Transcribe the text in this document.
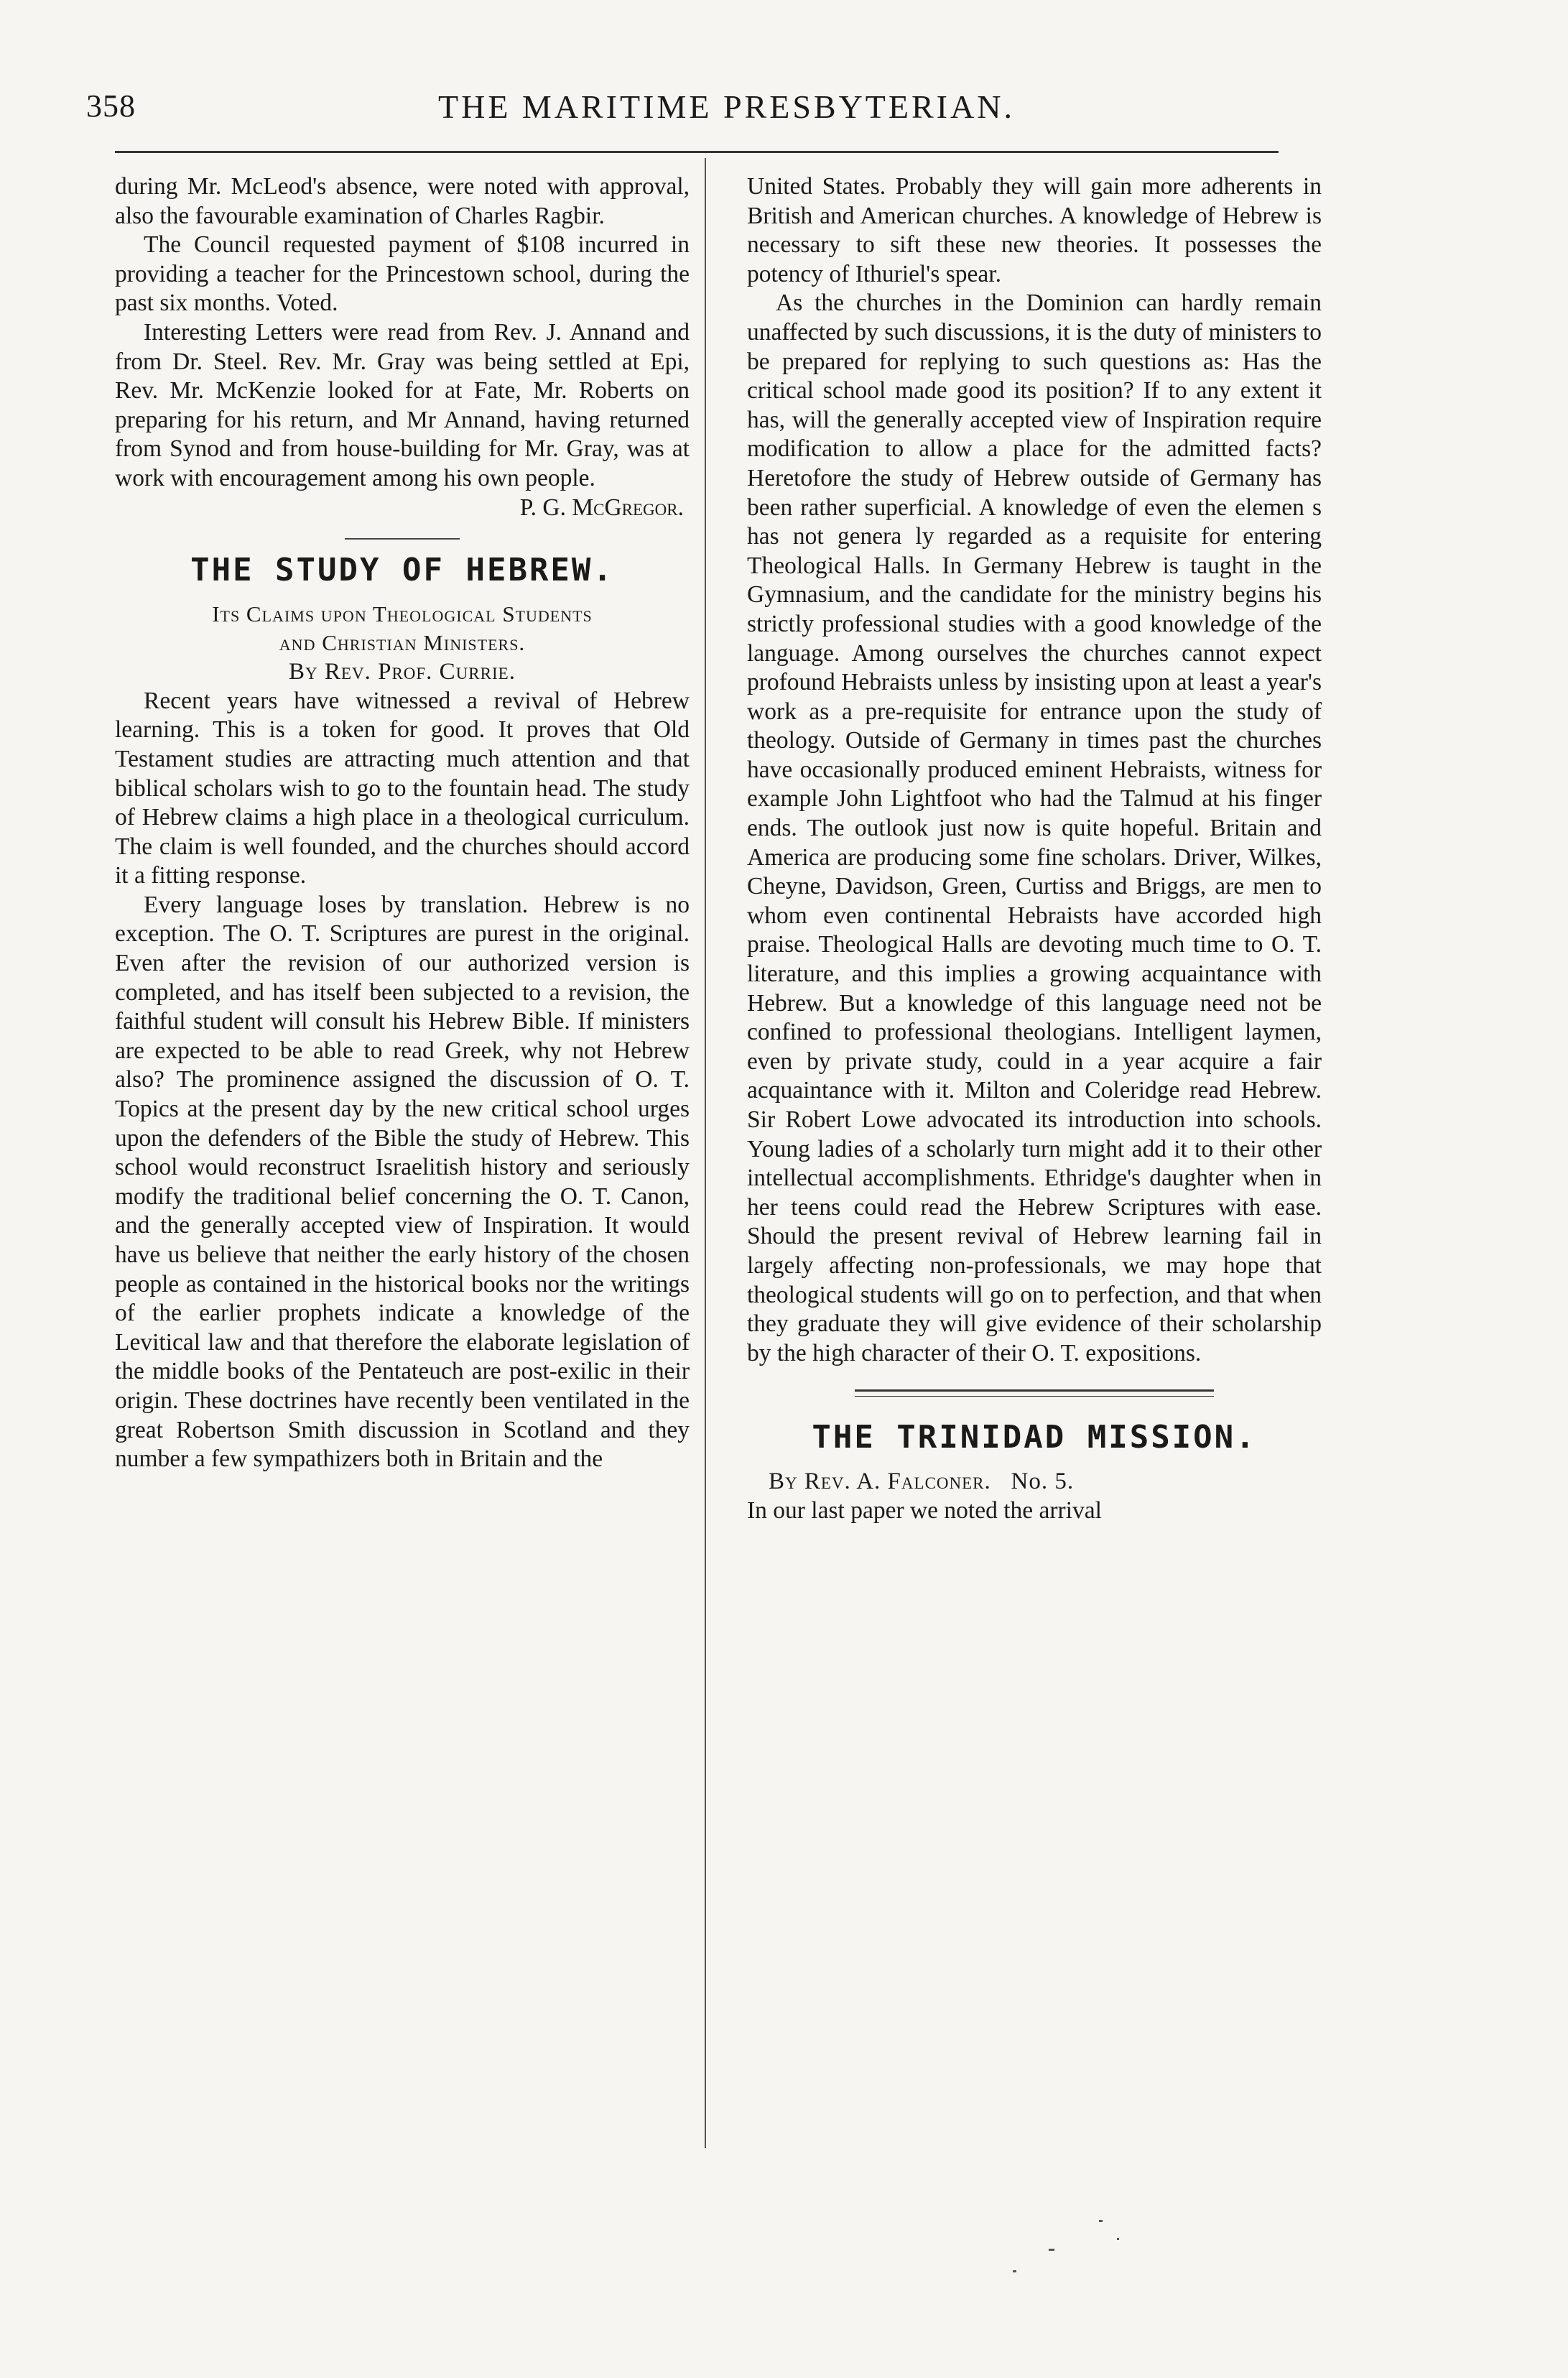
358	THE MARITIME PRESBYTERIAN.

during Mr. McLeod's absence, were noted with approval, also the favourable examination of Charles Ragbir.

The Council requested payment of $108 incurred in providing a teacher for the Princestown school, during the past six months. Voted.

Interesting Letters were read from Rev. J. Annand and from Dr. Steel. Rev. Mr. Gray was being settled at Epi, Rev. Mr. McKenzie looked for at Fate, Mr. Roberts on preparing for his return, and Mr Annand, having returned from Synod and from house-building for Mr. Gray, was at work with encouragement among his own people.

P. G. McGregor.

THE STUDY OF HEBREW.

Its Claims upon Theological Students

and Christian Ministers.

By Rev. Prof. Currie.

Recent years have witnessed a revival of Hebrew learning. This is a token for good. It proves that Old Testament studies are attracting much attention and that biblical scholars wish to go to the fountain head. The study of Hebrew claims a high place in a theological curriculum. The claim is well founded, and the churches should accord it a fitting response.

Every language loses by translation. Hebrew is no exception. The O. T. Scriptures are purest in the original. Even after the revision of our authorized version is completed, and has itself been subjected to a revision, the faithful student will consult his Hebrew Bible. If ministers are expected to be able to read Greek, why not Hebrew also? The prominence assigned the discussion of O. T. Topics at the present day by the new critical school urges upon the defenders of the Bible the study of Hebrew. This school would reconstruct Israelitish history and seriously modify the traditional belief concerning the O. T. Canon, and the generally accepted view of Inspiration. It would have us believe that neither the early history of the chosen people as contained in the historical books nor the writings of the earlier prophets indicate a knowledge of the Levitical law and that therefore the elaborate legislation of the middle books of the Pentateuch are post-exilic in their origin. These doctrines have recently been ventilated in the great Robertson Smith discussion in Scotland and they number a few sympathizers both in Britain and the

United States. Probably they will gain more adherents in British and American churches. A knowledge of Hebrew is necessary to sift these new theories. It possesses the potency of Ithuriel's spear.

As the churches in the Dominion can hardly remain unaffected by such discussions, it is the duty of ministers to be prepared for replying to such questions as: Has the critical school made good its position? If to any extent it has, will the generally accepted view of Inspiration require modification to allow a place for the admitted facts? Heretofore the study of Hebrew outside of Germany has been rather superficial. A knowledge of even the elemen s has not genera ly regarded as a requisite for entering Theological Halls. In Germany Hebrew is taught in the Gymnasium, and the candidate for the ministry begins his strictly professional studies with a good knowledge of the language. Among ourselves the churches cannot expect profound Hebraists unless by insisting upon at least a year's work as a pre-requisite for entrance upon the study of theology. Outside of Germany in times past the churches have occasionally produced eminent Hebraists, witness for example John Lightfoot who had the Talmud at his finger ends. The outlook just now is quite hopeful. Britain and America are producing some fine scholars. Driver, Wilkes, Cheyne, Davidson, Green, Curtiss and Briggs, are men to whom even continental Hebraists have accorded high praise. Theological Halls are devoting much time to O. T. literature, and this implies a growing acquaintance with Hebrew. But a knowledge of this language need not be confined to professional theologians. Intelligent laymen, even by private study, could in a year acquire a fair acquaintance with it. Milton and Coleridge read Hebrew. Sir Robert Lowe advocated its introduction into schools. Young ladies of a scholarly turn might add it to their other intellectual accomplishments. Ethridge's daughter when in her teens could read the Hebrew Scriptures with ease. Should the present revival of Hebrew learning fail in largely affecting non-professionals, we may hope that theological students will go on to perfection, and that when they graduate they will give evidence of their scholarship by the high character of their O. T. expositions.

THE TRINIDAD MISSION.

By Rev. A. Falconer. No. 5.

In our last paper we noted the arrival
